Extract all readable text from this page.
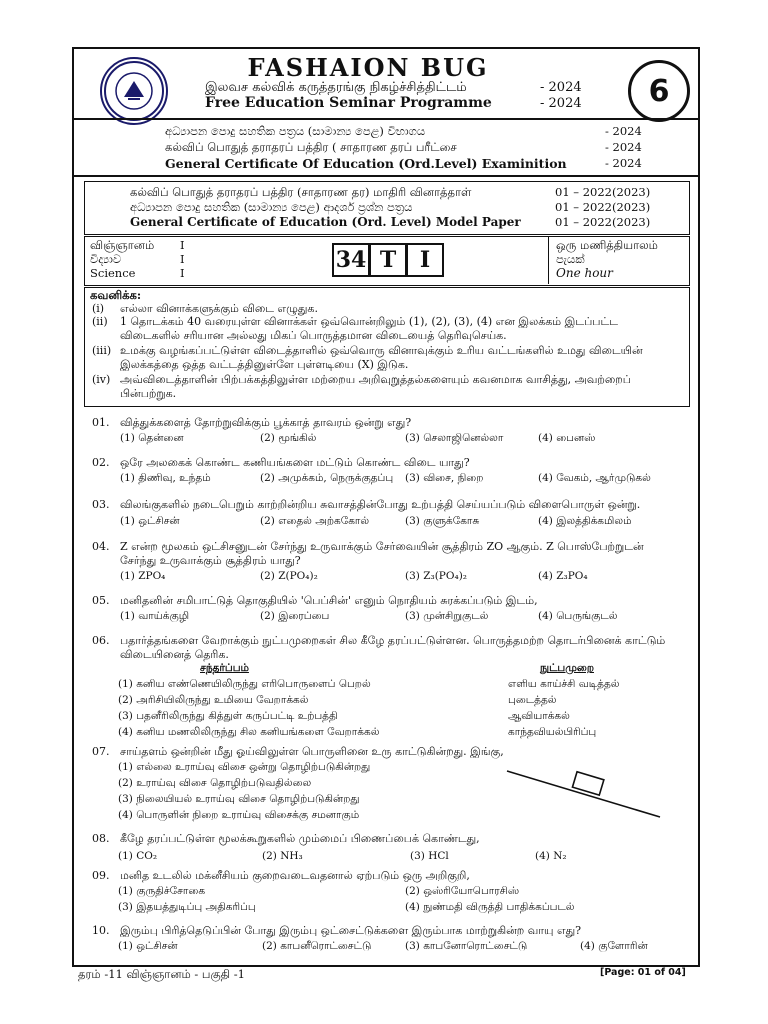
FASHAION BUG
இலவச கல்விக் கருத்தரங்கு நிகழ்ச்சித்திட்டம்	- 2024
Free Education Seminar Programme	- 2024	6
අධ්‍යාපන පොදු සහතික පත්‍රය (සාමාන්‍ය පෙළ) විභාගය	- 2024
கல்விப் பொதுத் தராதரப் பத்திர ( சாதாரண தரப் பரீட்சை	- 2024
General Certificate Of Education (Ord.Level) Examinition	- 2024
கல்விப் பொதுத் தராதரப் பத்திர (சாதாரண தர) மாதிரி வினாத்தாள்	01 – 2022(2023)
අධ්‍යාපන පොදු සහතික (සාමාන්‍ය පෙළ) ආදර්ශ ප්‍රශ්න පත්‍රය	01 – 2022(2023)
General Certificate of Education (Ord. Level) Model Paper	01 – 2022(2023)
விஞ்ஞானம் I
විද්‍යාව	I
Science	I	34 T	I
ஒரு மணித்தியாலம்
පැයක්
One hour
கவனிக்க:
(i) எல்லா வினாக்களுக்கும் விடை எழுதுக.
(ii) 1 தொடக்கம் 40 வரையுள்ள வினாக்கள் ஒவ்வொன்றிலும் (1), (2), (3), (4) என இலக்கம் இடப்பட்ட விடைகளில் சரியான அல்லது மிகப் பொருத்தமான விடையைத் தெரிவுசெய்க.
(iii) உமக்கு வழங்கப்பட்டுள்ள விடைத்தாளில் ஒவ்வொரு வினாவுக்கும் உரிய வட்டங்களில் உமது விடையின் இலக்கத்தை ஒத்த வட்டத்தினுள்ளே புள்ளடியை (X) இடுக.
(iv) அவ்விடைத்தாளின் பிற்பக்கத்திலுள்ள மற்றைய அறிவுறுத்தல்களையும் கவனமாக வாசித்து, அவற்றைப் பின்பற்றுக.
01. வித்துக்களைத் தோற்றுவிக்கும் பூக்காத் தாவரம் ஒன்று எது?
(1) தென்னை	(2) மூங்கில்	(3) செலாஜினெல்லா	(4) பைனஸ்
02. ஒரே அலகைக் கொண்ட கணியங்களை மட்டும் கொண்ட விடை யாது?
(1) திணிவு, உந்தம்	(2) அமுக்கம், நெருக்குதப்பு (3) விசை, நிறை	(4) வேகம், ஆர்முடுகல்
03. விலங்குகளில் நடைபெறும் காற்றின்றிய சுவாசத்தின்போது உற்பத்தி செய்யப்படும் விளைபொருள் ஒன்று.
(1) ஒட்சிசன்	(2) எதைல் அற்ககோல்	(3) குளுக்கோசு	(4) இலத்திக்கமிலம்
04. Z என்ற மூலகம் ஒட்சிசனுடன் சேர்ந்து உருவாக்கும் சேர்வையின் சூத்திரம் ZO ஆகும். Z பொஸ்பேற்றுடன் சேர்ந்து உருவாக்கும் சூத்திரம் யாது?
(1) ZPO₄	(2) Z(PO₄)₂	(3) Z₃(PO₄)₂	(4) Z₃PO₄
05. மனிதனின் சமிபாட்டுத் தொகுதியில் 'பெப்சின்' எனும் நொதியம் சுரக்கப்படும் இடம்,
(1) வாய்க்குழி	(2) இரைப்பை	(3) முன்சிறுகுடல்	(4) பெருங்குடல்
06. பதார்த்தங்களை வேறாக்கும் நுட்பமுறைகள் சில கீழே தரப்பட்டுள்ளன. பொருத்தமற்ற தொடர்பினைக் காட்டும் விடையினைத் தெரிக.
சந்தர்ப்பம்	நுட்பமுறை
(1) கனிய எண்ணெயிலிருந்து எரிபொருளைப் பெறல்	எளிய காய்ச்சி வடித்தல்
(2) அரிசியிலிருந்து உமியை வேறாக்கல்	புடைத்தல்
(3) பதனீரிலிருந்து கித்துள் கருப்பட்டி உற்பத்தி	ஆவியாக்கல்
(4) கனிய மணலிலிருந்து சில கனியங்களை வேறாக்கல்	காந்தவியல்பிரிப்பு
07. சாய்தளம் ஒன்றின் மீது ஓய்விலுள்ள பொருளினை உரு காட்டுகின்றது. இங்கு,
(1) எல்லை உராய்வு விசை ஒன்று தொழிற்படுகின்றது
(2) உராய்வு விசை தொழிற்படுவதில்லை
(3) நிலையியல் உராய்வு விசை தொழிற்படுகின்றது
(4) பொருளின் நிறை உராய்வு விசைக்கு சமனாகும்
08. கீழே தரப்பட்டுள்ள மூலக்கூறுகளில் மும்மைப் பிணைப்பைக் கொண்டது,
(1) CO₂	(2) NH₃	(3) HCl	(4) N₂
09. மனித உடலில் மக்னீசியம் குறைவடைவதனால் ஏற்படும் ஒரு அறிகுறி,
(1) குருதிச்சோகை	(2) ஒஸ்ரியோபொரசிஸ்
(3) இதயத்துடிப்பு அதிகரிப்பு	(4) நுண்மதி விருத்தி பாதிக்கப்படல்
10. இரும்பு பிரித்தெடுப்பின் போது இரும்பு ஒட்சைட்டுக்களை இரும்பாக மாற்றுகின்ற வாயு எது?
(1) ஒட்சிசன்	(2) காபனீரொட்சைட்டு	(3) காபனோரொட்சைட்டு	(4) குளோரின்
தரம் -11 விஞ்ஞானம் - பகுதி -1	[Page: 01 of 04]
